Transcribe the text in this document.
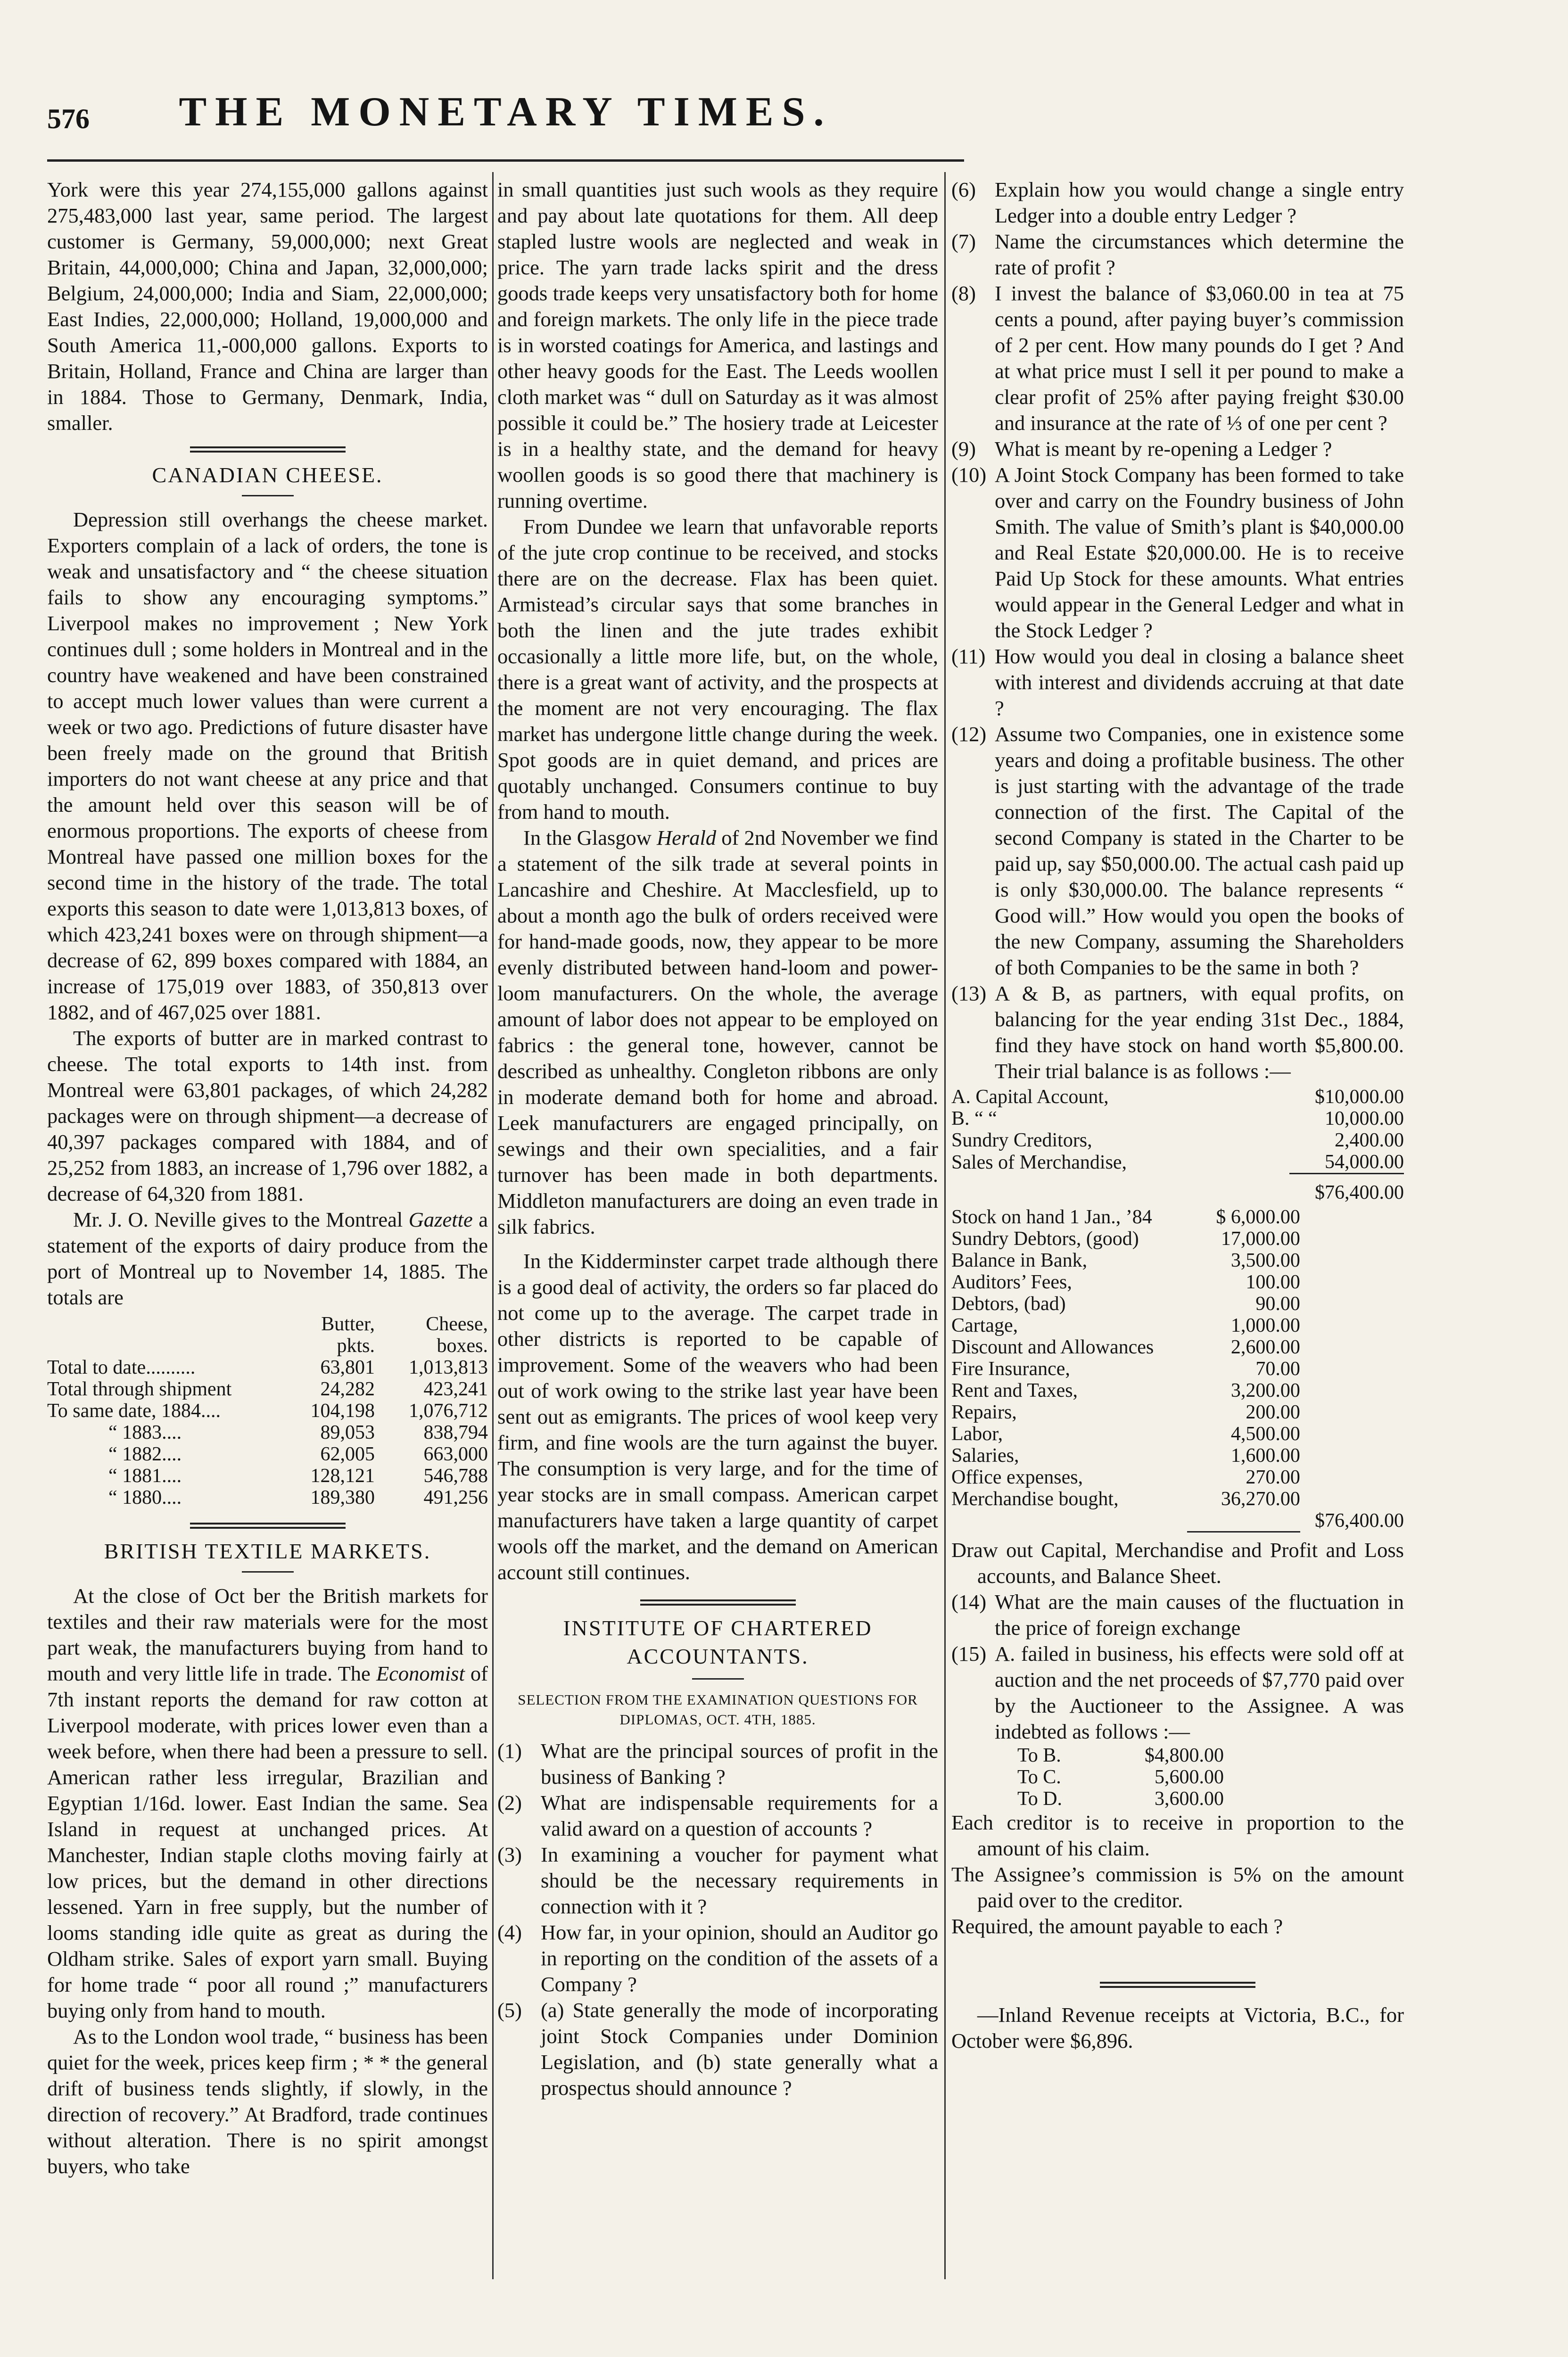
576	THE MONETARY TIMES.

York were this year 274,155,000 gallons against 275,483,000 last year, same period. The largest customer is Germany, 59,000,000; next Great Britain, 44,000,000; China and Japan, 32,000,000; Belgium, 24,000,000; India and Siam, 22,000,000; East Indies, 22,000,000; Holland, 19,000,000 and South America 11,-000,000 gallons. Exports to Britain, Holland, France and China are larger than in 1884. Those to Germany, Denmark, India, smaller.

CANADIAN CHEESE.

Depression still overhangs the cheese market. Exporters complain of a lack of orders, the tone is weak and unsatisfactory and “ the cheese situation fails to show any encouraging symptoms.” Liverpool makes no improvement ; New York continues dull ; some holders in Montreal and in the country have weakened and have been constrained to accept much lower values than were current a week or two ago. Predictions of future disaster have been freely made on the ground that British importers do not want cheese at any price and that the amount held over this season will be of enormous proportions. The exports of cheese from Montreal have passed one million boxes for the second time in the history of the trade. The total exports this season to date were 1,013,813 boxes, of which 423,241 boxes were on through shipment—a decrease of 62, 899 boxes compared with 1884, an increase of 175,019 over 1883, of 350,813 over 1882, and of 467,025 over 1881.

The exports of butter are in marked contrast to cheese. The total exports to 14th inst. from Montreal were 63,801 packages, of which 24,282 packages were on through shipment—a decrease of 40,397 packages compared with 1884, and of 25,252 from 1883, an increase of 1,796 over 1882, a decrease of 64,320 from 1881.

Mr. J. O. Neville gives to the Montreal Gazette a statement of the exports of dairy produce from the port of Montreal up to November 14, 1885. The totals are

	Butter,	Cheese,
	pkts.	boxes.
Total to date..........	63,801	1,013,813
Total through shipment	24,282	423,241
To same date, 1884....	104,198	1,076,712
“ 1883....	89,053	838,794
“ 1882....	62,005	663,000
“ 1881....	128,121	546,788
“ 1880....	189,380	491,256
BRITISH TEXTILE MARKETS.

At the close of Oct ber the British markets for textiles and their raw materials were for the most part weak, the manufacturers buying from hand to mouth and very little life in trade. The Economist of 7th instant reports the demand for raw cotton at Liverpool moderate, with prices lower even than a week before, when there had been a pressure to sell. American rather less irregular, Brazilian and Egyptian 1/16d. lower. East Indian the same. Sea Island in request at unchanged prices. At Manchester, Indian staple cloths moving fairly at low prices, but the demand in other directions lessened. Yarn in free supply, but the number of looms standing idle quite as great as during the Oldham strike. Sales of export yarn small. Buying for home trade “ poor all round ;” manufacturers buying only from hand to mouth.

As to the London wool trade, “ business has been quiet for the week, prices keep firm ; * * the general drift of business tends slightly, if slowly, in the direction of recovery.” At Bradford, trade continues without alteration. There is no spirit amongst buyers, who take

in small quantities just such wools as they require and pay about late quotations for them. All deep stapled lustre wools are neglected and weak in price. The yarn trade lacks spirit and the dress goods trade keeps very unsatisfactory both for home and foreign markets. The only life in the piece trade is in worsted coatings for America, and lastings and other heavy goods for the East. The Leeds woollen cloth market was “ dull on Saturday as it was almost possible it could be.” The hosiery trade at Leicester is in a healthy state, and the demand for heavy woollen goods is so good there that machinery is running overtime.

From Dundee we learn that unfavorable reports of the jute crop continue to be received, and stocks there are on the decrease. Flax has been quiet. Armistead’s circular says that some branches in both the linen and the jute trades exhibit occasionally a little more life, but, on the whole, there is a great want of activity, and the prospects at the moment are not very encouraging. The flax market has undergone little change during the week. Spot goods are in quiet demand, and prices are quotably unchanged. Consumers continue to buy from hand to mouth.

In the Glasgow Herald of 2nd November we find a statement of the silk trade at several points in Lancashire and Cheshire. At Macclesfield, up to about a month ago the bulk of orders received were for hand-made goods, now, they appear to be more evenly distributed between hand-loom and power-loom manufacturers. On the whole, the average amount of labor does not appear to be employed on fabrics : the general tone, however, cannot be described as unhealthy. Congleton ribbons are only in moderate demand both for home and abroad. Leek manufacturers are engaged principally, on sewings and their own specialities, and a fair turnover has been made in both departments. Middleton manufacturers are doing an even trade in silk fabrics.

In the Kidderminster carpet trade although there is a good deal of activity, the orders so far placed do not come up to the average. The carpet trade in other districts is reported to be capable of improvement. Some of the weavers who had been out of work owing to the strike last year have been sent out as emigrants. The prices of wool keep very firm, and fine wools are the turn against the buyer. The consumption is very large, and for the time of year stocks are in small compass. American carpet manufacturers have taken a large quantity of carpet wools off the market, and the demand on American account still continues.

INSTITUTE OF CHARTERED ACCOUNTANTS.
SELECTION FROM THE EXAMINATION QUESTIONS FOR DIPLOMAS, OCT. 4TH, 1885.
(1) What are the principal sources of profit in the business of Banking ?
(2) What are indispensable requirements for a valid award on a question of accounts ?
(3) In examining a voucher for payment what should be the necessary requirements in connection with it ?
(4) How far, in your opinion, should an Auditor go in reporting on the condition of the assets of a Company ?
(5) (a) State generally the mode of incorporating joint Stock Companies under Dominion Legislation, and (b) state generally what a prospectus should announce ?
(6) Explain how you would change a single entry Ledger into a double entry Ledger ?
(7) Name the circumstances which determine the rate of profit ?
(8) I invest the balance of $3,060.00 in tea at 75 cents a pound, after paying buyer’s commission of 2 per cent. How many pounds do I get ? And at what price must I sell it per pound to make a clear profit of 25% after paying freight $30.00 and insurance at the rate of ⅓ of one per cent ?
(9) What is meant by re-opening a Ledger ?
(10) A Joint Stock Company has been formed to take over and carry on the Foundry business of John Smith. The value of Smith’s plant is $40,000.00 and Real Estate $20,000.00. He is to receive Paid Up Stock for these amounts. What entries would appear in the General Ledger and what in the Stock Ledger ?
(11) How would you deal in closing a balance sheet with interest and dividends accruing at that date ?
(12) Assume two Companies, one in existence some years and doing a profitable business. The other is just starting with the advantage of the trade connection of the first. The Capital of the second Company is stated in the Charter to be paid up, say $50,000.00. The actual cash paid up is only $30,000.00. The balance represents “ Good will.” How would you open the books of the new Company, assuming the Shareholders of both Companies to be the same in both ?
(13) A & B, as partners, with equal profits, on balancing for the year ending 31st Dec., 1884, find they have stock on hand worth $5,800.00. Their trial balance is as follows :—
A. Capital Account,		$10,000.00
B. “ “		10,000.00
Sundry Creditors,		2,400.00
Sales of Merchandise,		54,000.00
		$76,400.00
Stock on hand 1 Jan., ’84	$ 6,000.00	
Sundry Debtors, (good)	17,000.00	
Balance in Bank,	3,500.00	
Auditors’ Fees,	100.00	
Debtors, (bad)	90.00	
Cartage,	1,000.00	
Discount and Allowances	2,600.00	
Fire Insurance,	70.00	
Rent and Taxes,	3,200.00	
Repairs,	200.00	
Labor,	4,500.00	
Salaries,	1,600.00	
Office expenses,	270.00	
Merchandise bought,	36,270.00	
		$76,400.00

Draw out Capital, Merchandise and Profit and Loss accounts, and Balance Sheet.

(14) What are the main causes of the fluctuation in the price of foreign exchange
(15) A. failed in business, his effects were sold off at auction and the net proceeds of $7,770 paid over by the Auctioneer to the Assignee. A was indebted as follows :—
To B.	$4,800.00
To C.	5,600.00
To D.	3,600.00

Each creditor is to receive in proportion to the amount of his claim.

The Assignee’s commission is 5% on the amount paid over to the creditor.

Required, the amount payable to each ?

—Inland Revenue receipts at Victoria, B.C., for October were $6,896.
